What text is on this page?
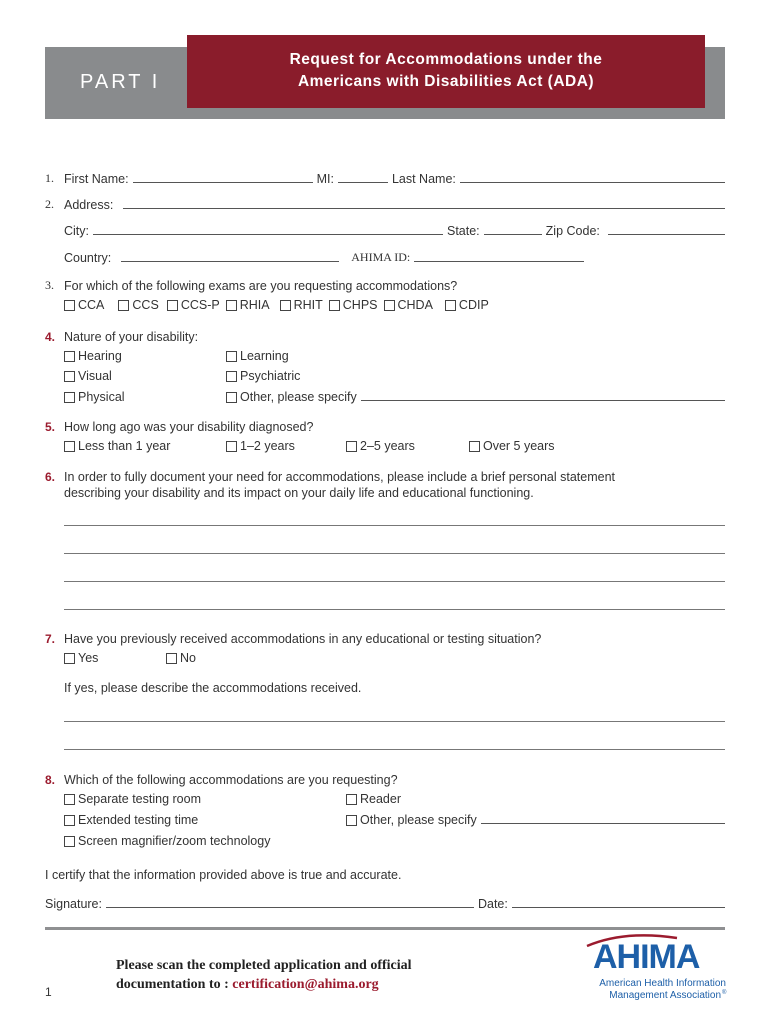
PART I
Request for Accommodations under the
Americans with Disabilities Act (ADA)
1. First Name:	MI:	Last Name:
2. Address:
City:	State:	Zip Code:
Country:	AHIMA ID:
3. For which of the following exams are you requesting accommodations?
CCA CCS CCS-P RHIA RHIT CHPS CHDA CDIP
4. Nature of your disability:
Hearing	Learning
Visual	Psychiatric
Physical	Other, please specify
5. How long ago was your disability diagnosed?
Less than 1 year	1–2 years	2–5 years	Over 5 years
6. In order to fully document your need for accommodations, please include a brief personal statement
describing your disability and its impact on your daily life and educational functioning.
7. Have you previously received accommodations in any educational or testing situation?
Yes	No
If yes, please describe the accommodations received.
8. Which of the following accommodations are you requesting?
Separate testing room	Reader
Extended testing time	Other, please specify
Screen magnifier/zoom technology
I certify that the information provided above is true and accurate.
Signature:	Date:
Please scan the completed application and official
documentation to : certification@ahima.org
1
AHIMA
American Health Information
Management Association ®
